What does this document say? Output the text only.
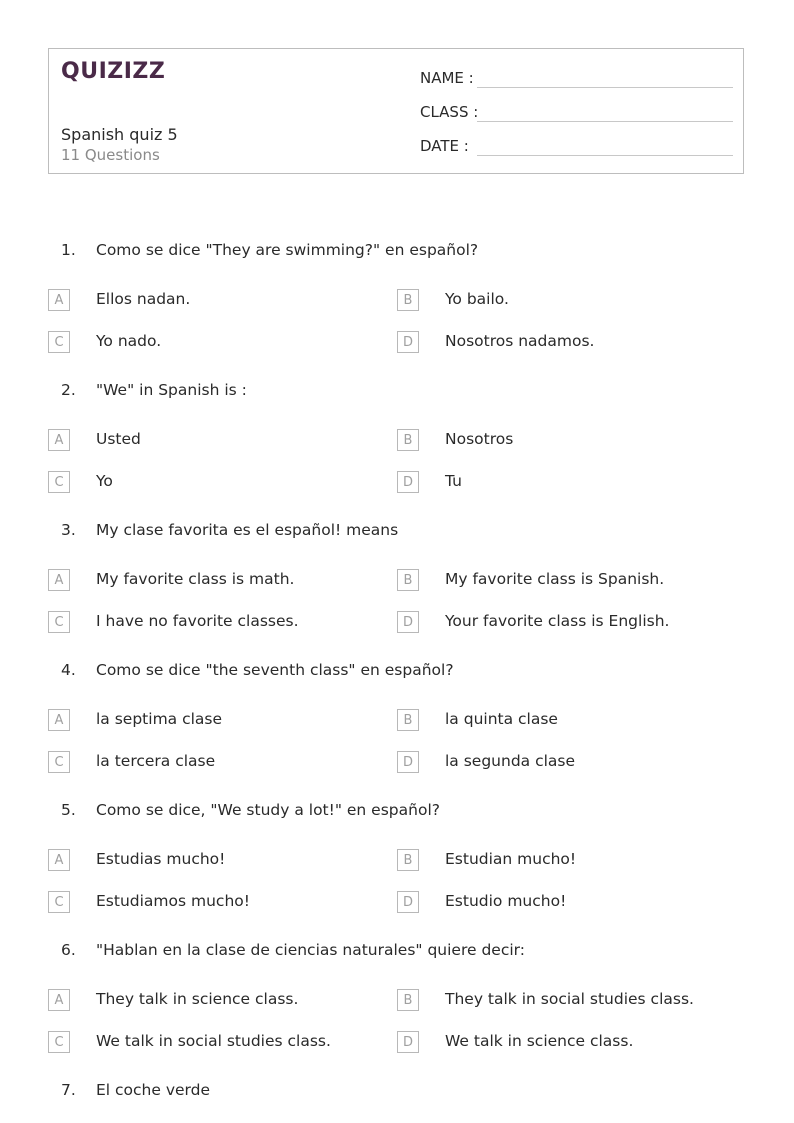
QUIZIZZ
Spanish quiz 5
11 Questions
NAME :
CLASS :
DATE :
1. Como se dice "They are swimming?" en español?
A	Ellos nadan.	B	Yo bailo.
C	Yo nado.	D	Nosotros nadamos.
2. "We" in Spanish is :
A	Usted	B	Nosotros
C	Yo	D	Tu
3. My clase favorita es el español! means
A	My favorite class is math.	B	My favorite class is Spanish.
C	I have no favorite classes.	D	Your favorite class is English.
4. Como se dice "the seventh class" en español?
A	la septima clase	B	la quinta clase
C	la tercera clase	D	la segunda clase
5. Como se dice, "We study a lot!" en español?
A	Estudias mucho!	B	Estudian mucho!
C	Estudiamos mucho!	D	Estudio mucho!
6. "Hablan en la clase de ciencias naturales" quiere decir:
A	They talk in science class.	B	They talk in social studies class.
C	We talk in social studies class.	D	We talk in science class.
7. El coche verde
